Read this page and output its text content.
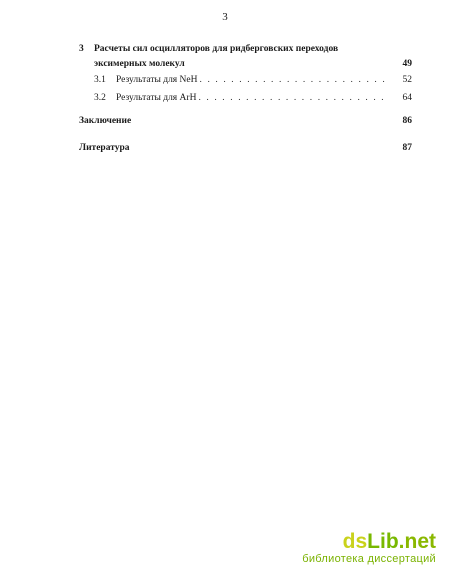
3
3	Расчеты сил осцилляторов для ридберговских переходов
эксимерных молекул	49
3.1	Результаты для NeH . . .	52
3.2	Результаты для ArH . . .	64
Заключение	86
Литература	87
dsLib.net
библиотека диссертаций
